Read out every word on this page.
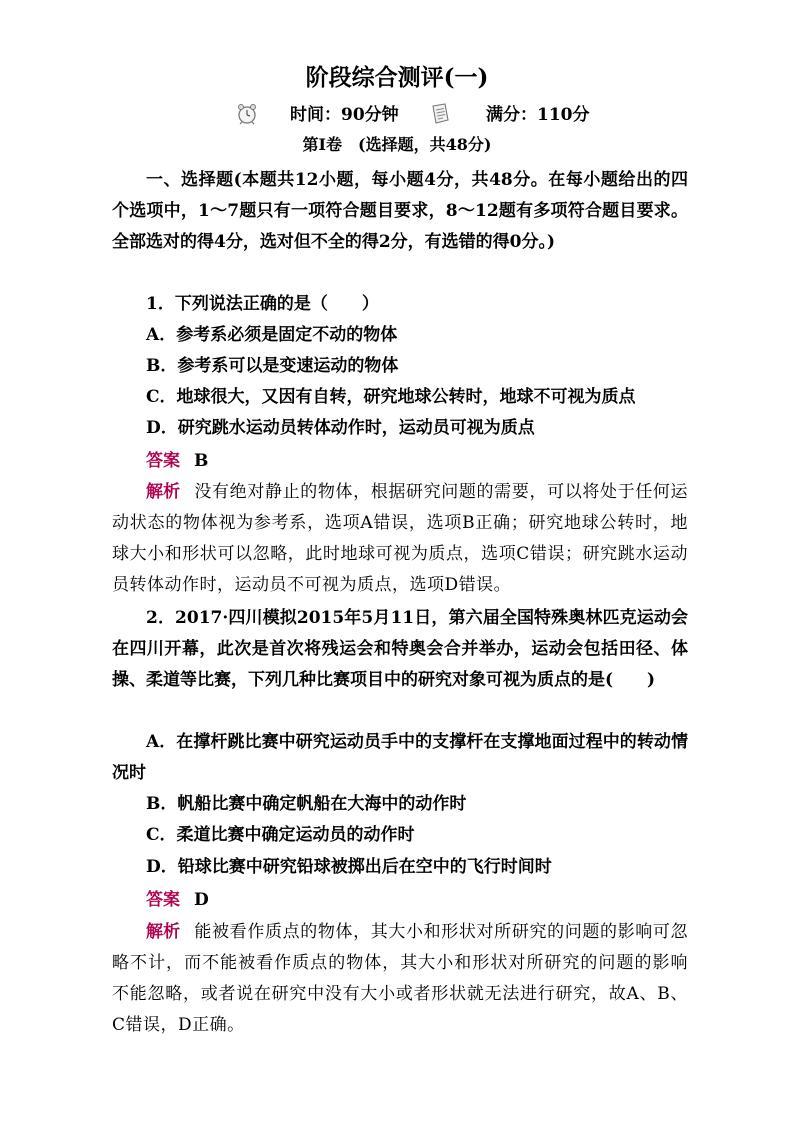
阶段综合测评(一)
时间：90分钟	满分：110分
第Ⅰ卷　(选择题，共48分)
一、选择题(本题共12小题，每小题4分，共48分。在每小题给出的四个选项中，1～7题只有一项符合题目要求，8～12题有多项符合题目要求。全部选对的得4分，选对但不全的得2分，有选错的得0分。)
1．下列说法正确的是（　　）
A．参考系必须是固定不动的物体
B．参考系可以是变速运动的物体
C．地球很大，又因有自转，研究地球公转时，地球不可视为质点
D．研究跳水运动员转体动作时，运动员可视为质点
答案 B
解析 没有绝对静止的物体，根据研究问题的需要，可以将处于任何运动状态的物体视为参考系，选项A错误，选项B正确；研究地球公转时，地球大小和形状可以忽略，此时地球可视为质点，选项C错误；研究跳水运动员转体动作时，运动员不可视为质点，选项D错误。
2．2017·四川模拟2015年5月11日，第六届全国特殊奥林匹克运动会在四川开幕，此次是首次将残运会和特奥会合并举办，运动会包括田径、体操、柔道等比赛，下列几种比赛项目中的研究对象可视为质点的是(　　)
A．在撑杆跳比赛中研究运动员手中的支撑杆在支撑地面过程中的转动情况时
B．帆船比赛中确定帆船在大海中的动作时
C．柔道比赛中确定运动员的动作时
D．铅球比赛中研究铅球被掷出后在空中的飞行时间时
答案 D
解析 能被看作质点的物体，其大小和形状对所研究的问题的影响可忽略不计，而不能被看作质点的物体，其大小和形状对所研究的问题的影响不能忽略，或者说在研究中没有大小或者形状就无法进行研究，故A、B、C错误，D正确。
